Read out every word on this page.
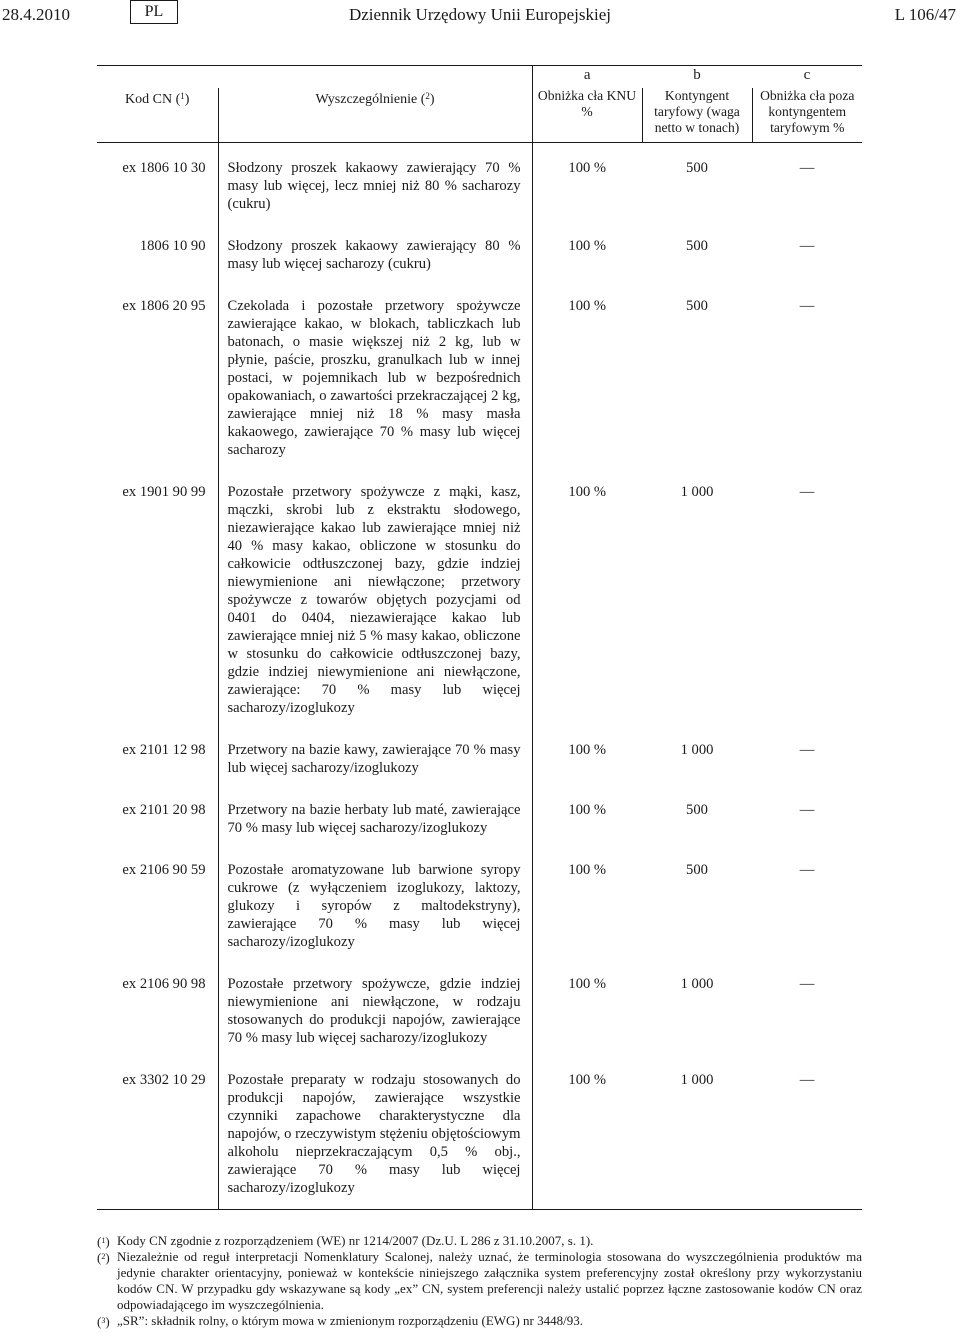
28.4.2010	PL	Dziennik Urzędowy Unii Europejskiej	L 106/47
		a	b	c
Kod CN ($^1$)	Wyszczególnienie ($^2$)	Obniżka cła KNU %	Kontyngent taryfowy (waga netto w tonach)	Obniżka cła poza kontyngentem taryfowym %
ex 1806 10 30	Słodzony proszek kakaowy zawierający 70 % masy lub więcej, lecz mniej niż 80 % sacharozy (cukru)	100 %	500	—
1806 10 90	Słodzony proszek kakaowy zawierający 80 % masy lub więcej sacharozy (cukru)	100 %	500	—
ex 1806 20 95	Czekolada i pozostałe przetwory spożywcze zawierające kakao, w blokach, tabliczkach lub batonach, o masie większej niż 2 kg, lub w płynie, paście, proszku, granulkach lub w innej postaci, w pojemnikach lub w bezpośrednich opakowaniach, o zawartości przekraczającej 2 kg, zawierające mniej niż 18 % masy masła kakaowego, zawierające 70 % masy lub więcej sacharozy	100 %	500	—
ex 1901 90 99	Pozostałe przetwory spożywcze z mąki, kasz, mączki, skrobi lub z ekstraktu słodowego, niezawierające kakao lub zawierające mniej niż 40 % masy kakao, obliczone w stosunku do całkowicie odtłuszczonej bazy, gdzie indziej niewymienione ani niewłączone; przetwory spożywcze z towarów objętych pozycjami od 0401 do 0404, niezawierające kakao lub zawierające mniej niż 5 % masy kakao, obliczone w stosunku do całkowicie odtłuszczonej bazy, gdzie indziej niewymienione ani niewłączone, zawierające: 70 % masy lub więcej sacharozy/izoglukozy	100 %	1 000	—
ex 2101 12 98	Przetwory na bazie kawy, zawierające 70 % masy lub więcej sacharozy/izoglukozy	100 %	1 000	—
ex 2101 20 98	Przetwory na bazie herbaty lub maté, zawierające 70 % masy lub więcej sacharozy/izoglukozy	100 %	500	—
ex 2106 90 59	Pozostałe aromatyzowane lub barwione syropy cukrowe (z wyłączeniem izoglukozy, laktozy, glukozy i syropów z maltodekstryny), zawierające 70 % masy lub więcej sacharozy/izoglukozy	100 %	500	—
ex 2106 90 98	Pozostałe przetwory spożywcze, gdzie indziej niewymienione ani niewłączone, w rodzaju stosowanych do produkcji napojów, zawierające 70 % masy lub więcej sacharozy/izoglukozy	100 %	1 000	—
ex 3302 10 29	Pozostałe preparaty w rodzaju stosowanych do produkcji napojów, zawierające wszystkie czynniki zapachowe charakterystyczne dla napojów, o rzeczywistym stężeniu objętościowym alkoholu nieprzekraczającym 0,5 % obj., zawierające 70 % masy lub więcej sacharozy/izoglukozy	100 %	1 000	—
($^1$) Kody CN zgodnie z rozporządzeniem (WE) nr 1214/2007 (Dz.U. L 286 z 31.10.2007, s. 1).
($^2$) Niezależnie od reguł interpretacji Nomenklatury Scalonej, należy uznać, że terminologia stosowana do wyszczególnienia produktów ma jedynie charakter orientacyjny, ponieważ w kontekście niniejszego załącznika system preferencyjny został określony przy wykorzystaniu kodów CN. W przypadku gdy wskazywane są kody „ex” CN, system preferencji należy ustalić poprzez łączne zastosowanie kodów CN oraz odpowiadającego im wyszczególnienia.
($^3$) „SR”: składnik rolny, o którym mowa w zmienionym rozporządzeniu (EWG) nr 3448/93.
